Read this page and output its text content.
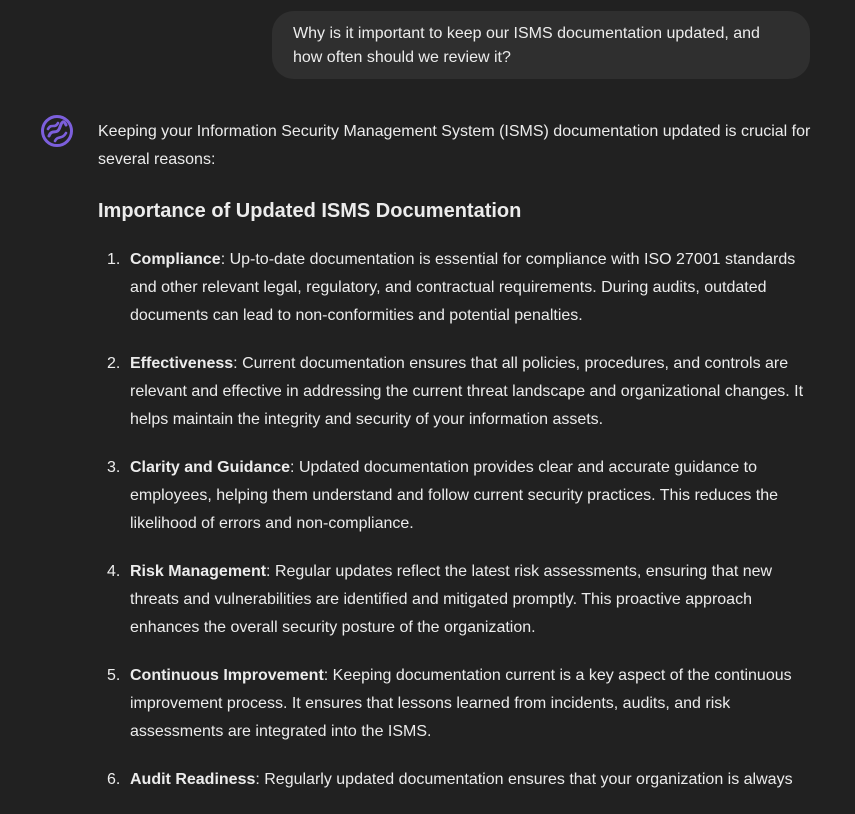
Why is it important to keep our ISMS documentation updated, and how often should we review it?

Keeping your Information Security Management System (ISMS) documentation updated is crucial for several reasons:

Importance of Updated ISMS Documentation
1. Compliance: Up-to-date documentation is essential for compliance with ISO 27001 standards and other relevant legal, regulatory, and contractual requirements. During audits, outdated documents can lead to non-conformities and potential penalties.
2. Effectiveness: Current documentation ensures that all policies, procedures, and controls are relevant and effective in addressing the current threat landscape and organizational changes. It helps maintain the integrity and security of your information assets.
3. Clarity and Guidance: Updated documentation provides clear and accurate guidance to employees, helping them understand and follow current security practices. This reduces the likelihood of errors and non-compliance.
4. Risk Management: Regular updates reflect the latest risk assessments, ensuring that new threats and vulnerabilities are identified and mitigated promptly. This proactive approach enhances the overall security posture of the organization.
5. Continuous Improvement: Keeping documentation current is a key aspect of the continuous improvement process. It ensures that lessons learned from incidents, audits, and risk assessments are integrated into the ISMS.
6. Audit Readiness: Regularly updated documentation ensures that your organization is always
